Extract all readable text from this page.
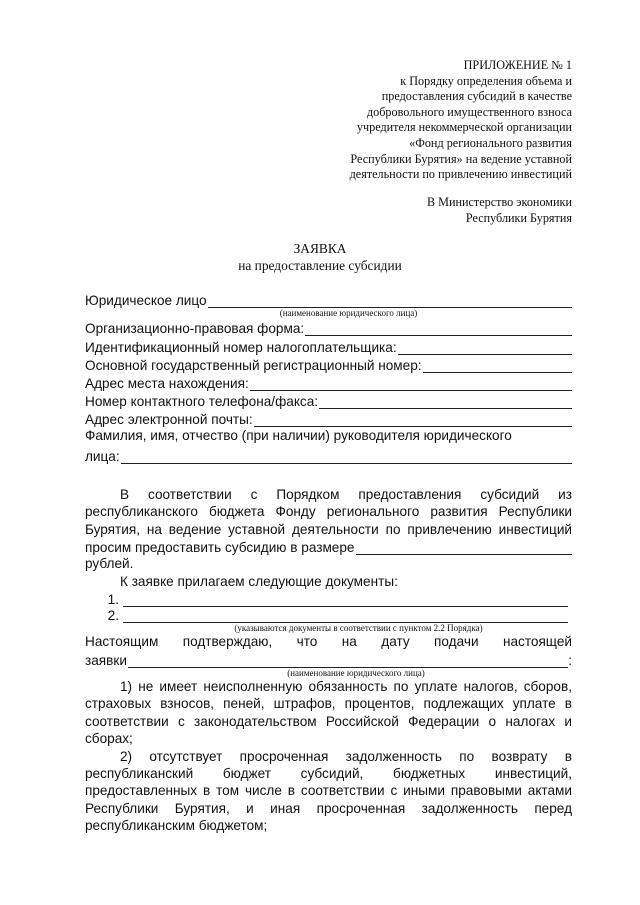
ПРИЛОЖЕНИЕ № 1
к Порядку определения объема и
предоставления субсидий в качестве
добровольного имущественного взноса
учредителя некоммерческой организации
«Фонд регионального развития
Республики Бурятия» на ведение уставной
деятельности по привлечению инвестиций
В Министерство экономики
Республики Бурятия
ЗАЯВКА
на предоставление субсидии
Юридическое лицо
(наименование юридического лица)
Организационно-правовая форма:
Идентификационный номер налогоплательщика:
Основной государственный регистрационный номер:
Адрес места нахождения:
Номер контактного телефона/факса:
Адрес электронной почты:
Фамилия, имя, отчество (при наличии) руководителя юридического
лица:
В соответствии с Порядком предоставления субсидий из
республиканского бюджета Фонду регионального развития Республики
Бурятия, на ведение уставной деятельности по привлечению инвестиций
просим предоставить субсидию в размере
рублей.
К заявке прилагаем следующие документы:
1.
2.
(указываются документы в соответствии с пунктом 2.2 Порядка)
Настоящим подтверждаю, что на дату подачи настоящей
заявки	:
(наименование юридического лица)
1) не имеет неисполненную обязанность по уплате налогов, сборов,
страховых взносов, пеней, штрафов, процентов, подлежащих уплате в
соответствии с законодательством Российской Федерации о налогах и
сборах;
2) отсутствует просроченная задолженность по возврату в
республиканский бюджет субсидий, бюджетных инвестиций,
предоставленных в том числе в соответствии с иными правовыми актами
Республики Бурятия, и иная просроченная задолженность перед
республиканским бюджетом;
